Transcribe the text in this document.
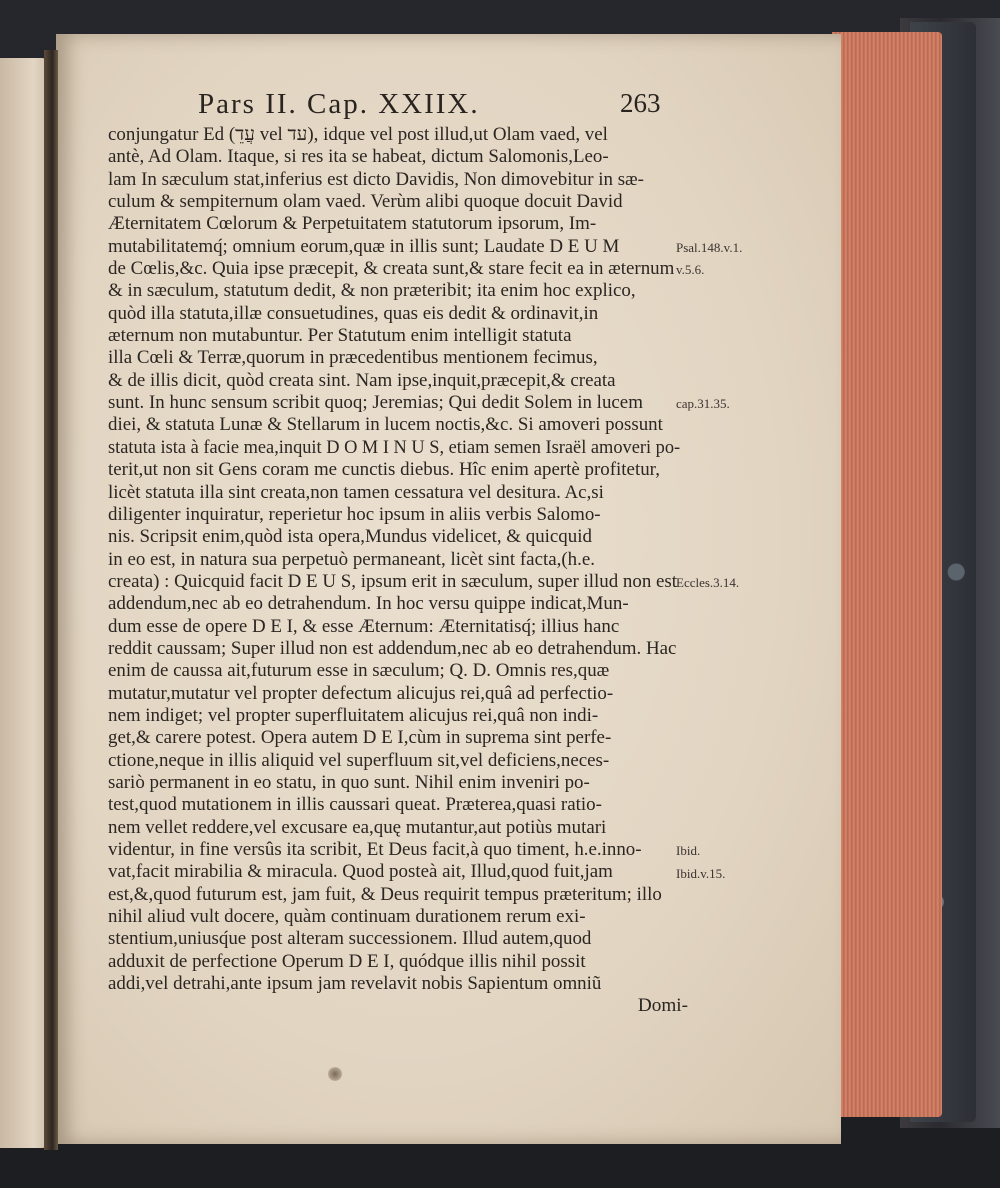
Pars II. Cap. XXIIX.	263
conjungatur Ed (עֲדֵ vel עד), idque vel post illud,ut Olam vaed, vel
antè, Ad Olam. Itaque, si res ita se habeat, dictum Salomonis,Leo-
lam In sæculum stat,inferius est dicto Davidis, Non dimovebitur in sæ-
culum & sempiternum olam vaed. Verùm alibi quoque docuit David
Æternitatem Cœlorum & Perpetuitatem statutorum ipsorum, Im-
mutabilitatemq́; omnium eorum,quæ in illis sunt; Laudate D E U M
de Cœlis,&c. Quia ipse præcepit, & creata sunt,& stare fecit ea in æternum
& in sæculum, statutum dedit, & non præteribit; ita enim hoc explico,
quòd illa statuta,illæ consuetudines, quas eis dedit & ordinavit,in
æternum non mutabuntur. Per Statutum enim intelligit statuta
illa Cœli & Terræ,quorum in præcedentibus mentionem fecimus,
& de illis dicit, quòd creata sint. Nam ipse,inquit,præcepit,& creata
sunt. In hunc sensum scribit quoq; Jeremias; Qui dedit Solem in lucem
diei, & statuta Lunæ & Stellarum in lucem noctis,&c. Si amoveri possunt
statuta ista à facie mea,inquit D O M I N U S, etiam semen Israël amoveri po-
terit,ut non sit Gens coram me cunctis diebus. Hîc enim apertè profitetur,
licèt statuta illa sint creata,non tamen cessatura vel desitura. Ac,si
diligenter inquiratur, reperietur hoc ipsum in aliis verbis Salomo-
nis. Scripsit enim,quòd ista opera,Mundus videlicet, & quicquid
in eo est, in natura sua perpetuò permaneant, licèt sint facta,(h.e.
creata) : Quicquid facit D E U S, ipsum erit in sæculum, super illud non est
addendum,nec ab eo detrahendum. In hoc versu quippe indicat,Mun-
dum esse de opere D E I, & esse Æternum: Æternitatisq́; illius hanc
reddit caussam; Super illud non est addendum,nec ab eo detrahendum. Hac
enim de caussa ait,futurum esse in sæculum; Q. D. Omnis res,quæ
mutatur,mutatur vel propter defectum alicujus rei,quâ ad perfectio-
nem indiget; vel propter superfluitatem alicujus rei,quâ non indi-
get,& carere potest. Opera autem D E I,cùm in suprema sint perfe-
ctione,neque in illis aliquid vel superfluum sit,vel deficiens,neces-
sariò permanent in eo statu, in quo sunt. Nihil enim inveniri po-
test,quod mutationem in illis caussari queat. Præterea,quasi ratio-
nem vellet reddere,vel excusare ea,quę mutantur,aut potiùs mutari
videntur, in fine versûs ita scribit, Et Deus facit,à quo timent, h.e.inno-
vat,facit mirabilia & miracula. Quod posteà ait, Illud,quod fuit,jam
est,&,quod futurum est, jam fuit, & Deus requirit tempus præteritum; illo
nihil aliud vult docere, quàm continuam durationem rerum exi-
stentium,uniusq́ue post alteram successionem. Illud autem,quod
adduxit de perfectione Operum D E I, quódque illis nihil possit
addi,vel detrahi,ante ipsum jam revelavit nobis Sapientum omniũ
Domi-
Psal.148.v.1.
v.5.6.
cap.31.35.
Eccles.3.14.
Ibid.
Ibid.v.15.
